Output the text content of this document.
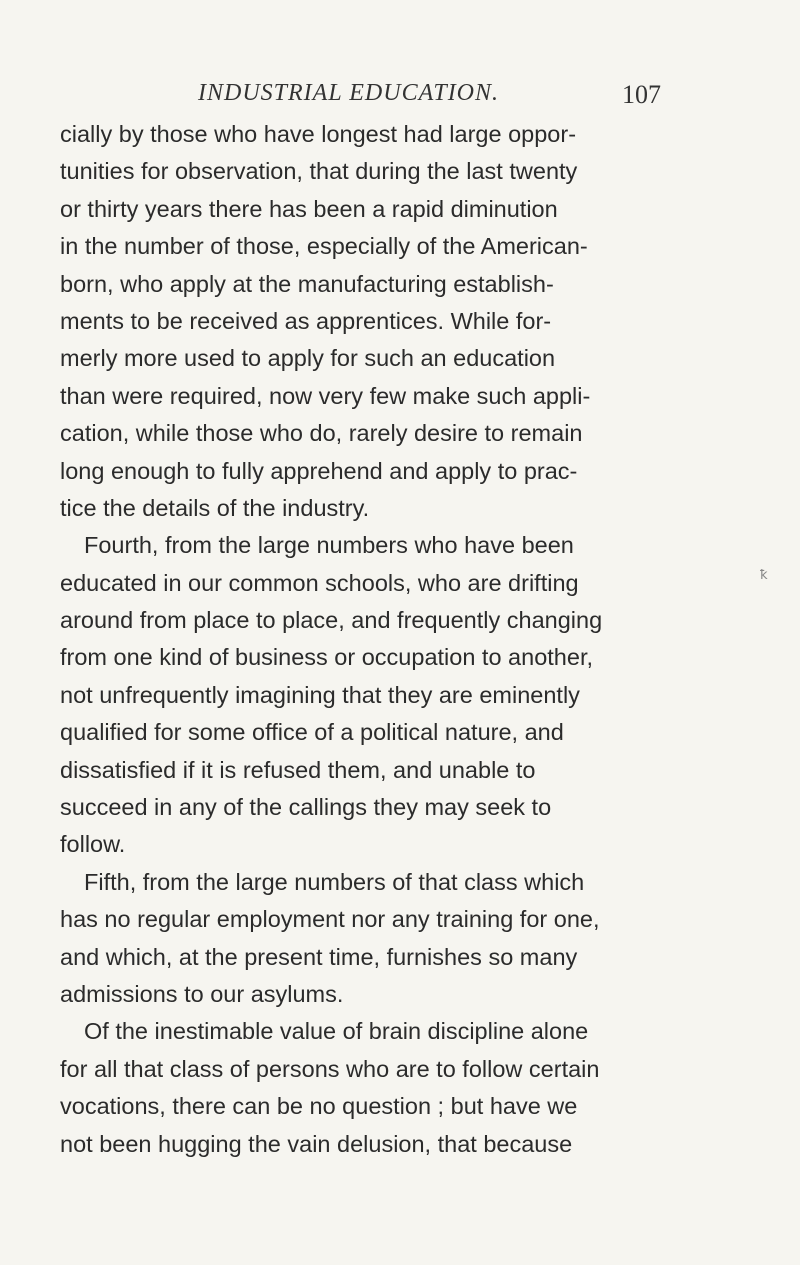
INDUSTRIAL EDUCATION.	107
cially by those who have longest had large oppor-
tunities for observation, that during the last twenty
or thirty years there has been a rapid diminution
in the number of those, especially of the American-
born, who apply at the manufacturing establish-
ments to be received as apprentices. While for-
merly more used to apply for such an education
than were required, now very few make such appli-
cation, while those who do, rarely desire to remain
long enough to fully apprehend and apply to prac-
tice the details of the industry.
Fourth, from the large numbers who have been
educated in our common schools, who are drifting
around from place to place, and frequently changing
from one kind of business or occupation to another,
not unfrequently imagining that they are eminently
qualified for some office of a political nature, and
dissatisfied if it is refused them, and unable to
succeed in any of the callings they may seek to
follow.
Fifth, from the large numbers of that class which
has no regular employment nor any training for one,
and which, at the present time, furnishes so many
admissions to our asylums.
Of the inestimable value of brain discipline alone
for all that class of persons who are to follow certain
vocations, there can be no question ; but have we
not been hugging the vain delusion, that because
ꝁ
